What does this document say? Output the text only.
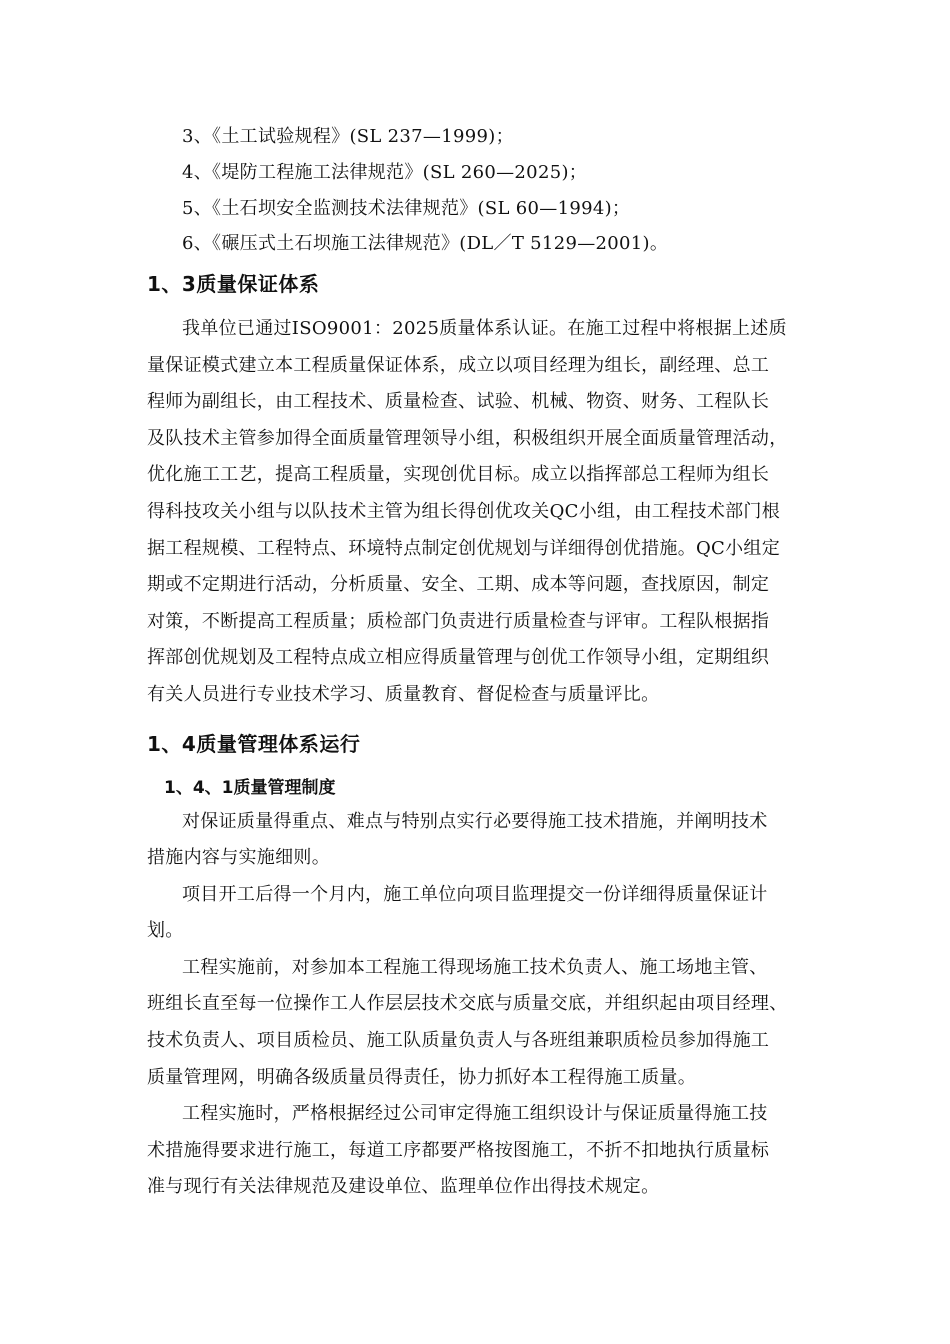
3、《土工试验规程》(SL 237—1999)；
4、《堤防工程施工法律规范》(SL 260—2025)；
5、《土石坝安全监测技术法律规范》(SL 60—1994)；
6、《碾压式土石坝施工法律规范》(DL／T 5129—2001)。
1、3质量保证体系
我单位已通过ISO9001：2025质量体系认证。在施工过程中将根据上述质
量保证模式建立本工程质量保证体系，成立以项目经理为组长，副经理、总工
程师为副组长，由工程技术、质量检查、试验、机械、物资、财务、工程队长
及队技术主管参加得全面质量管理领导小组，积极组织开展全面质量管理活动，
优化施工工艺，提高工程质量，实现创优目标。成立以指挥部总工程师为组长
得科技攻关小组与以队技术主管为组长得创优攻关QC小组，由工程技术部门根
据工程规模、工程特点、环境特点制定创优规划与详细得创优措施。QC小组定
期或不定期进行活动，分析质量、安全、工期、成本等问题，查找原因，制定
对策，不断提高工程质量；质检部门负责进行质量检查与评审。工程队根据指
挥部创优规划及工程特点成立相应得质量管理与创优工作领导小组，定期组织
有关人员进行专业技术学习、质量教育、督促检查与质量评比。
1、4质量管理体系运行
1、4、1质量管理制度
对保证质量得重点、难点与特别点实行必要得施工技术措施，并阐明技术
措施内容与实施细则。
项目开工后得一个月内，施工单位向项目监理提交一份详细得质量保证计
划。
工程实施前，对参加本工程施工得现场施工技术负责人、施工场地主管、
班组长直至每一位操作工人作层层技术交底与质量交底，并组织起由项目经理、
技术负责人、项目质检员、施工队质量负责人与各班组兼职质检员参加得施工
质量管理网，明确各级质量员得责任，协力抓好本工程得施工质量。
工程实施时，严格根据经过公司审定得施工组织设计与保证质量得施工技
术措施得要求进行施工，每道工序都要严格按图施工，不折不扣地执行质量标
准与现行有关法律规范及建设单位、监理单位作出得技术规定。
